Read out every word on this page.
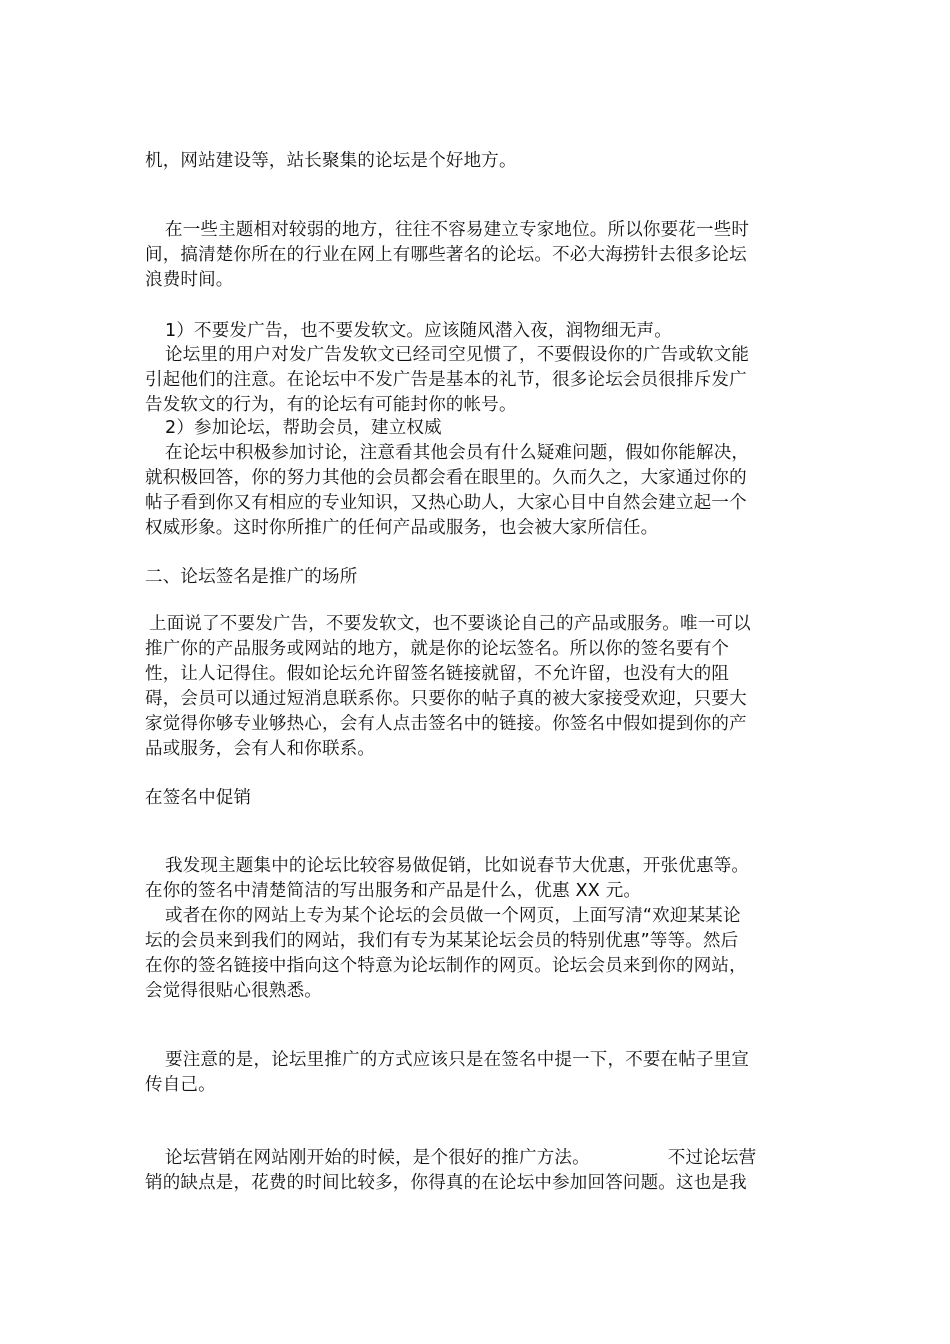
机，网站建设等，站长聚集的论坛是个好地方。
在一些主题相对较弱的地方，往往不容易建立专家地位。所以你要花一些时
间，搞清楚你所在的行业在网上有哪些著名的论坛。不必大海捞针去很多论坛
浪费时间。
1）不要发广告，也不要发软文。应该随风潜入夜，润物细无声。
论坛里的用户对发广告发软文已经司空见惯了，不要假设你的广告或软文能
引起他们的注意。在论坛中不发广告是基本的礼节，很多论坛会员很排斥发广
告发软文的行为，有的论坛有可能封你的帐号。
2）参加论坛，帮助会员，建立权威
在论坛中积极参加讨论，注意看其他会员有什么疑难问题，假如你能解决，
就积极回答，你的努力其他的会员都会看在眼里的。久而久之，大家通过你的
帖子看到你又有相应的专业知识，又热心助人，大家心目中自然会建立起一个
权威形象。这时你所推广的任何产品或服务，也会被大家所信任。
二、论坛签名是推广的场所
上面说了不要发广告，不要发软文，也不要谈论自己的产品或服务。唯一可以
推广你的产品服务或网站的地方，就是你的论坛签名。所以你的签名要有个
性，让人记得住。假如论坛允许留签名链接就留，不允许留，也没有大的阻
碍，会员可以通过短消息联系你。只要你的帖子真的被大家接受欢迎，只要大
家觉得你够专业够热心，会有人点击签名中的链接。你签名中假如提到你的产
品或服务，会有人和你联系。
在签名中促销
我发现主题集中的论坛比较容易做促销，比如说春节大优惠，开张优惠等。
在你的签名中清楚简洁的写出服务和产品是什么，优惠 XX 元。
或者在你的网站上专为某个论坛的会员做一个网页，上面写清“欢迎某某论
坛的会员来到我们的网站，我们有专为某某论坛会员的特别优惠”等等。然后
在你的签名链接中指向这个特意为论坛制作的网页。论坛会员来到你的网站，
会觉得很贴心很熟悉。
要注意的是，论坛里推广的方式应该只是在签名中提一下，不要在帖子里宣
传自己。
论坛营销在网站刚开始的时候，是个很好的推广方法。	不过论坛营
销的缺点是，花费的时间比较多，你得真的在论坛中参加回答问题。这也是我
